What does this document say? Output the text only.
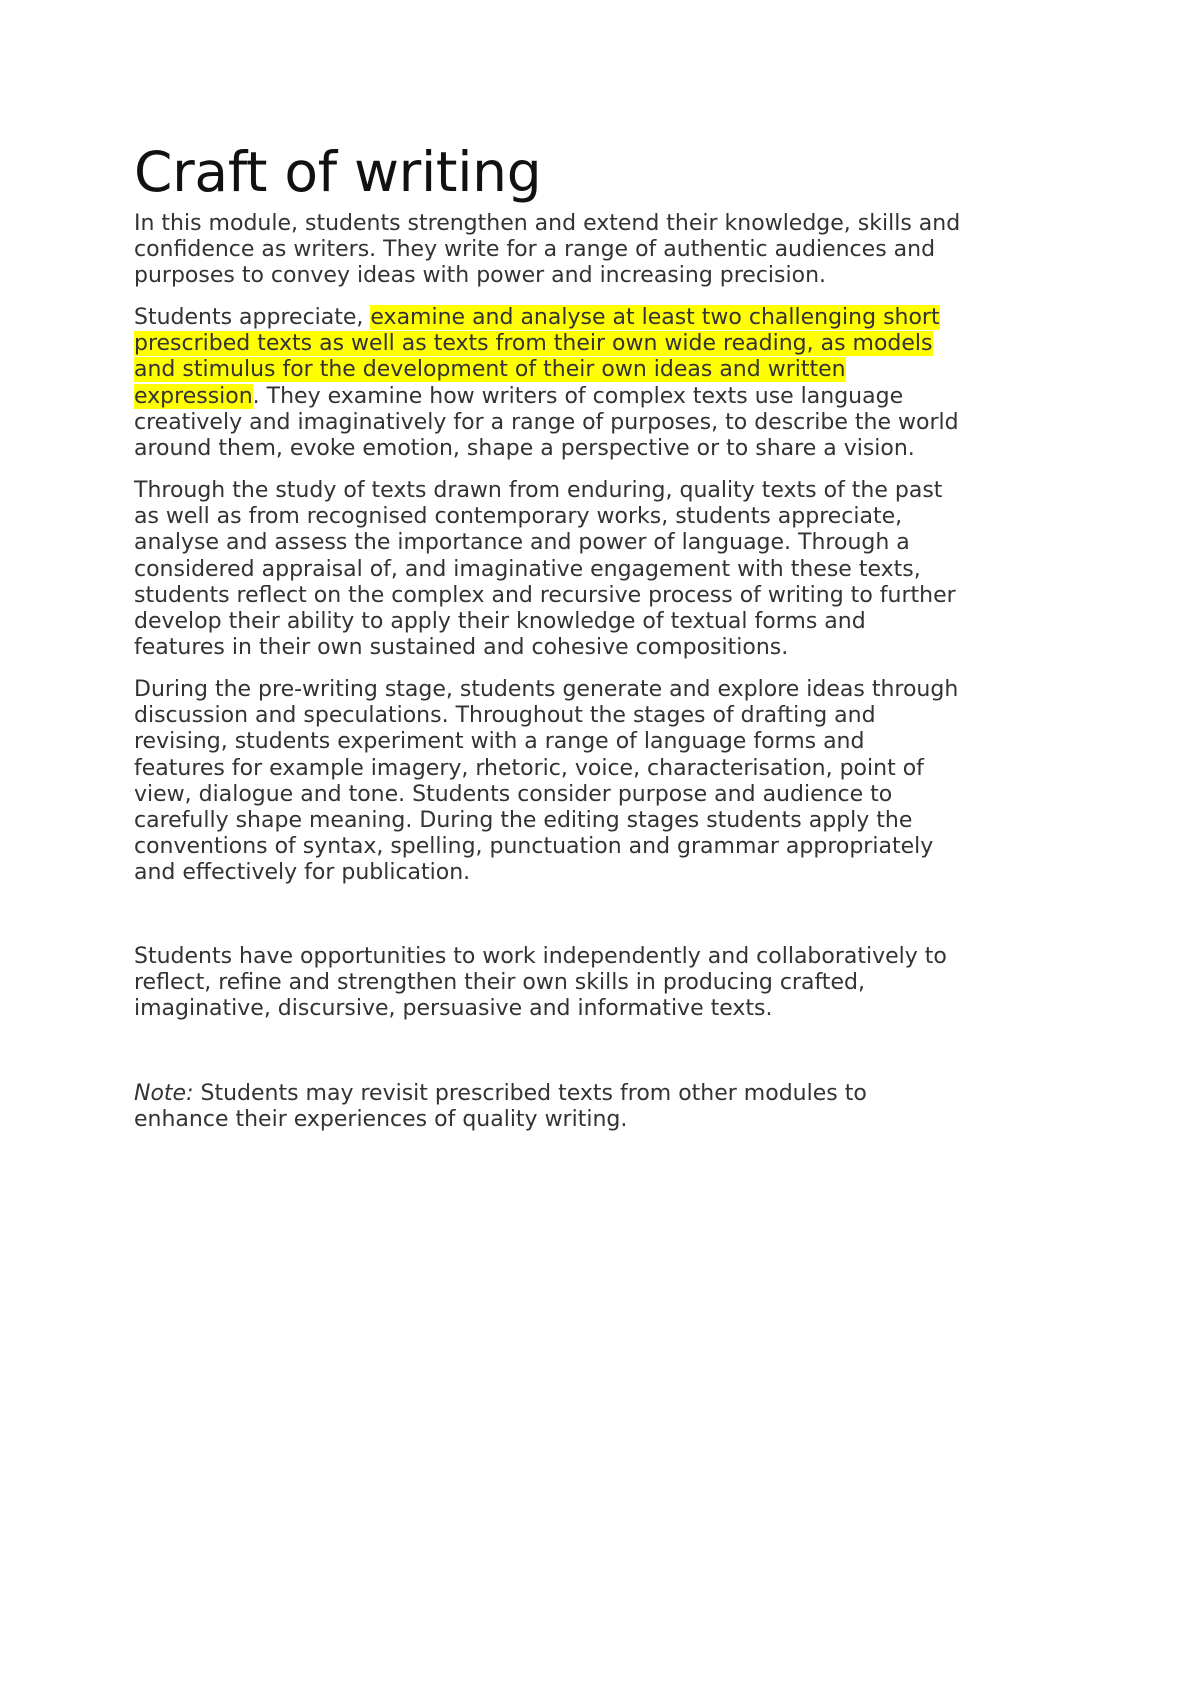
Craft of writing

In this module, students strengthen and extend their knowledge, skills and
confidence as writers. They write for a range of authentic audiences and
purposes to convey ideas with power and increasing precision.

Students appreciate, examine and analyse at least two challenging short
prescribed texts as well as texts from their own wide reading, as models
and stimulus for the development of their own ideas and written
expression. They examine how writers of complex texts use language
creatively and imaginatively for a range of purposes, to describe the world
around them, evoke emotion, shape a perspective or to share a vision.

Through the study of texts drawn from enduring, quality texts of the past
as well as from recognised contemporary works, students appreciate,
analyse and assess the importance and power of language. Through a
considered appraisal of, and imaginative engagement with these texts,
students reflect on the complex and recursive process of writing to further
develop their ability to apply their knowledge of textual forms and
features in their own sustained and cohesive compositions.

During the pre-writing stage, students generate and explore ideas through
discussion and speculations. Throughout the stages of drafting and
revising, students experiment with a range of language forms and
features for example imagery, rhetoric, voice, characterisation, point of
view, dialogue and tone. Students consider purpose and audience to
carefully shape meaning. During the editing stages students apply the
conventions of syntax, spelling, punctuation and grammar appropriately
and effectively for publication.

Students have opportunities to work independently and collaboratively to
reflect, refine and strengthen their own skills in producing crafted,
imaginative, discursive, persuasive and informative texts.

Note: Students may revisit prescribed texts from other modules to
enhance their experiences of quality writing.
